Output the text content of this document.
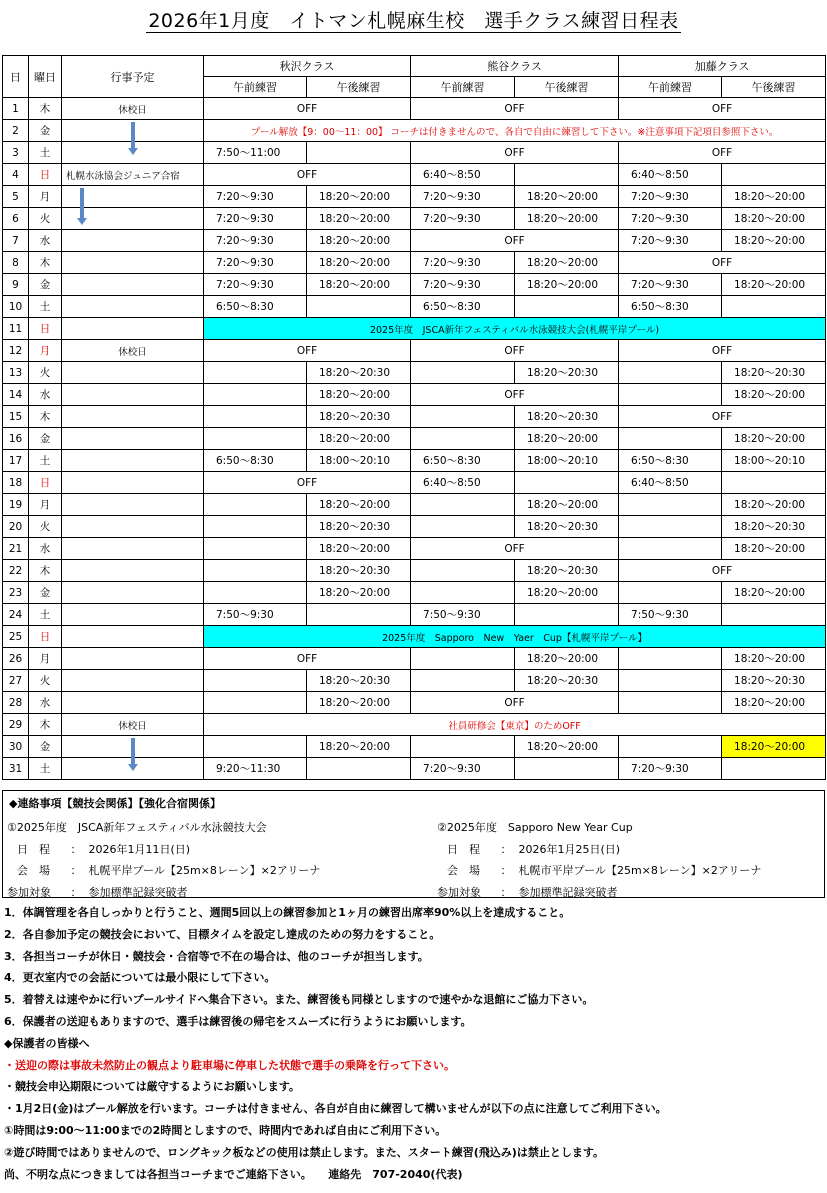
2026年1月度　イトマン札幌麻生校　選手クラス練習日程表
日	曜日	行事予定	秋沢クラス		熊谷クラス		加藤クラス	
			午前練習	午後練習	午前練習	午後練習	午前練習	午後練習
1	木	休校日	OFF		OFF		OFF	
2	金		プール解放【9：00～11：00】 コーチは付きませんので、各自で自由に練習して下さい。※注意事項下記項目参照下さい。					
3	土		7:50～11:00		OFF		OFF	
4	日	札幌水泳協会ジュニア合宿	OFF		6:40～8:50		6:40～8:50	
5	月		7:20～9:30	18:20～20:00	7:20～9:30	18:20～20:00	7:20～9:30	18:20～20:00
6	火		7:20～9:30	18:20～20:00	7:20～9:30	18:20～20:00	7:20～9:30	18:20～20:00
7	水		7:20～9:30	18:20～20:00	OFF		7:20～9:30	18:20～20:00
8	木		7:20～9:30	18:20～20:00	7:20～9:30	18:20～20:00	OFF	
9	金		7:20～9:30	18:20～20:00	7:20～9:30	18:20～20:00	7:20～9:30	18:20～20:00
10	土		6:50～8:30		6:50～8:30		6:50～8:30	
11	日		2025年度　JSCA新年フェスティバル水泳競技大会(札幌平岸プール)					
12	月	休校日	OFF		OFF		OFF	
13	火			18:20～20:30		18:20～20:30		18:20～20:30
14	水			18:20～20:00	OFF			18:20～20:00
15	木			18:20～20:30		18:20～20:30	OFF	
16	金			18:20～20:00		18:20～20:00		18:20～20:00
17	土		6:50～8:30	18:00～20:10	6:50～8:30	18:00～20:10	6:50～8:30	18:00～20:10
18	日		OFF		6:40～8:50		6:40～8:50	
19	月			18:20～20:00		18:20～20:00		18:20～20:00
20	火			18:20～20:30		18:20～20:30		18:20～20:30
21	水			18:20～20:00	OFF			18:20～20:00
22	木			18:20～20:30		18:20～20:30	OFF	
23	金			18:20～20:00		18:20～20:00		18:20～20:00
24	土		7:50～9:30		7:50～9:30		7:50～9:30	
25	日		2025年度　Sapporo　New　Yaer　Cup【札幌平岸プール】					
26	月		OFF			18:20～20:00		18:20～20:00
27	火			18:20～20:30		18:20～20:30		18:20～20:30
28	水			18:20～20:00	OFF			18:20～20:00
29	木	休校日	社員研修会【東京】のためOFF					
30	金			18:20～20:00		18:20～20:00		18:20～20:00
31	土		9:20～11:30		7:20～9:30		7:20～9:30	
◆連絡事項【競技会関係】【強化合宿関係】
①2025年度　JSCA新年フェスティバル水泳競技大会
日　程 ： 2026年1月11日(日)
会　場 ： 札幌平岸プール【25m×8レーン】×2アリーナ
参加対象 ： 参加標準記録突破者
②2025年度　Sapporo New Year Cup
日　程 ： 2026年1月25日(日)
会　場 ： 札幌市平岸プール【25m×8レーン】×2アリーナ
参加対象 ： 参加標準記録突破者
1．体調管理を各自しっかりと行うこと、週間5回以上の練習参加と1ヶ月の練習出席率90%以上を達成すること。
2．各自参加予定の競技会において、目標タイムを設定し達成のための努力をすること。
3．各担当コーチが休日・競技会・合宿等で不在の場合は、他のコーチが担当します。
4．更衣室内での会話については最小限にして下さい。
5．着替えは速やかに行いプールサイドへ集合下さい。また、練習後も同様としますので速やかな退館にご協力下さい。
6．保護者の送迎もありますので、選手は練習後の帰宅をスムーズに行うようにお願いします。
◆保護者の皆様へ
・送迎の際は事故未然防止の観点より駐車場に停車した状態で選手の乗降を行って下さい。
・競技会申込期限については厳守するようにお願いします。
・1月2日(金)はプール解放を行います。コーチは付きません、各自が自由に練習して構いませんが以下の点に注意してご利用下さい。
①時間は9:00～11:00までの2時間としますので、時間内であれば自由にご利用下さい。
②遊び時間ではありませんので、ロングキック板などの使用は禁止します。また、スタート練習(飛込み)は禁止とします。
尚、不明な点につきましては各担当コーチまでご連絡下さい。　　連絡先　707-2040(代表)
